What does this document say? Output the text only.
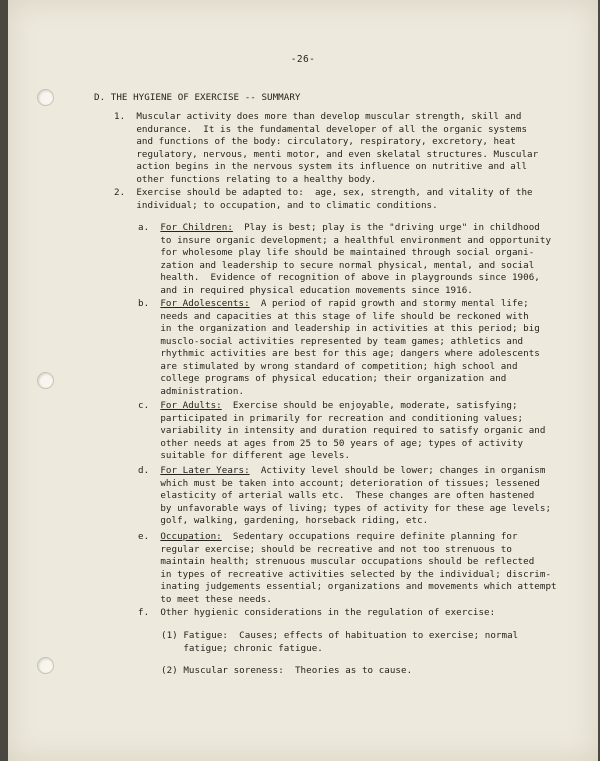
-26-
D. THE HYGIENE OF EXERCISE -- SUMMARY
1. Muscular activity does more than develop muscular strength, skill and
endurance.  It is the fundamental developer of all the organic systems
and functions of the body: circulatory, respiratory, excretory, heat
regulatory, nervous, menti motor, and even skelatal structures. Muscular
action begins in the nervous system its influence on nutritive and all
other functions relating to a healthy body.
2. Exercise should be adapted to:  age, sex, strength, and vitality of the
individual; to occupation, and to climatic conditions.
a. For Children:  Play is best; play is the "driving urge" in childhood
to insure organic development; a healthful environment and opportunity
for wholesome play life should be maintained through social organi-
zation and leadership to secure normal physical, mental, and social
health.  Evidence of recognition of above in playgrounds since 1906,
and in required physical education movements since 1916.
b. For Adolescents:  A period of rapid growth and stormy mental life;
needs and capacities at this stage of life should be reckoned with
in the organization and leadership in activities at this period; big
musclo-social activities represented by team games; athletics and
rhythmic activities are best for this age; dangers where adolescents
are stimulated by wrong standard of competition; high school and
college programs of physical education; their organization and
administration.
c. For Adults:  Exercise should be enjoyable, moderate, satisfying;
participated in primarily for recreation and conditioning values;
variability in intensity and duration required to satisfy organic and
other needs at ages from 25 to 50 years of age; types of activity
suitable for different age levels.
d. For Later Years:  Activity level should be lower; changes in organism
which must be taken into account; deterioration of tissues; lessened
elasticity of arterial walls etc.  These changes are often hastened
by unfavorable ways of living; types of activity for these age levels;
golf, walking, gardening, horseback riding, etc.
e. Occupation:  Sedentary occupations require definite planning for
regular exercise; should be recreative and not too strenuous to
maintain health; strenuous muscular occupations should be reflected
in types of recreative activities selected by the individual; discrim-
inating judgements essential; organizations and movements which attempt
to meet these needs.
f. Other hygienic considerations in the regulation of exercise:
(1) Fatigue:  Causes; effects of habituation to exercise; normal
fatigue; chronic fatigue.
(2) Muscular soreness:  Theories as to cause.
